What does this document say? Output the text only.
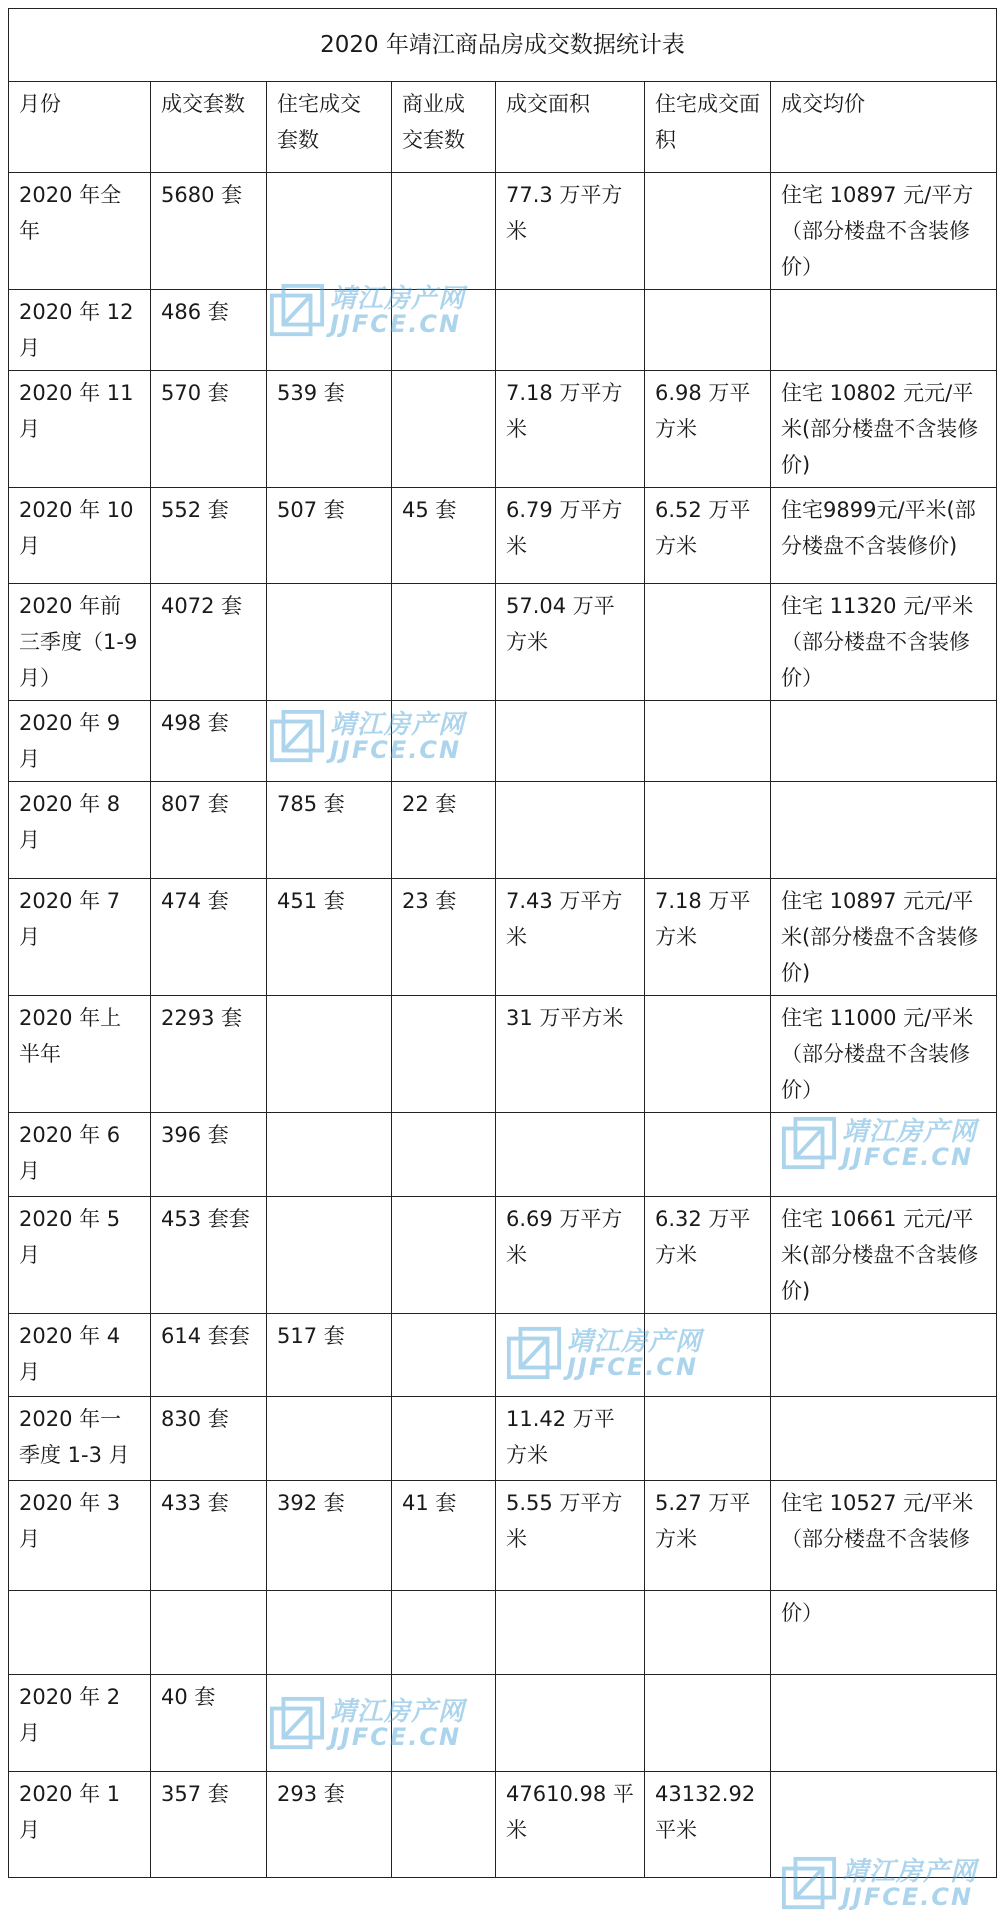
2020 年靖江商品房成交数据统计表						
月份	成交套数	住宅成交套数	商业成交套数	成交面积	住宅成交面积	成交均价
2020 年全年	5680 套			77.3 万平方米		住宅 10897 元/平方（部分楼盘不含装修价）
2020 年 12 月	486 套					
2020 年 11 月	570 套	539 套		7.18 万平方米	6.98 万平方米	住宅 10802 元元/平米(部分楼盘不含装修价)
2020 年 10 月	552 套	507 套	45 套	6.79 万平方米	6.52 万平方米	住宅9899元/平米(部分楼盘不含装修价)
2020 年前三季度（1-9月）	4072 套			57.04 万平方米		住宅 11320 元/平米（部分楼盘不含装修价）
2020 年 9 月	498 套					
2020 年 8 月	807 套	785 套	22 套			
2020 年 7 月	474 套	451 套	23 套	7.43 万平方米	7.18 万平方米	住宅 10897 元元/平米(部分楼盘不含装修价)
2020 年上半年	2293 套			31 万平方米		住宅 11000 元/平米（部分楼盘不含装修价）
2020 年 6 月	396 套					
2020 年 5 月	453 套套			6.69 万平方米	6.32 万平方米	住宅 10661 元元/平米(部分楼盘不含装修价)
2020 年 4 月	614 套套	517 套				
2020 年一季度 1-3 月	830 套			11.42 万平方米		
2020 年 3 月	433 套	392 套	41 套	5.55 万平方米	5.27 万平方米	住宅 10527 元/平米（部分楼盘不含装修
						价）
2020 年 2 月	40 套					
2020 年 1 月	357 套	293 套		47610.98 平米	43132.92 平米	
靖江房产网
JJFCE.CN
靖江房产网
JJFCE.CN
靖江房产网
JJFCE.CN
靖江房产网
JJFCE.CN
靖江房产网
JJFCE.CN
靖江房产网
JJFCE.CN
